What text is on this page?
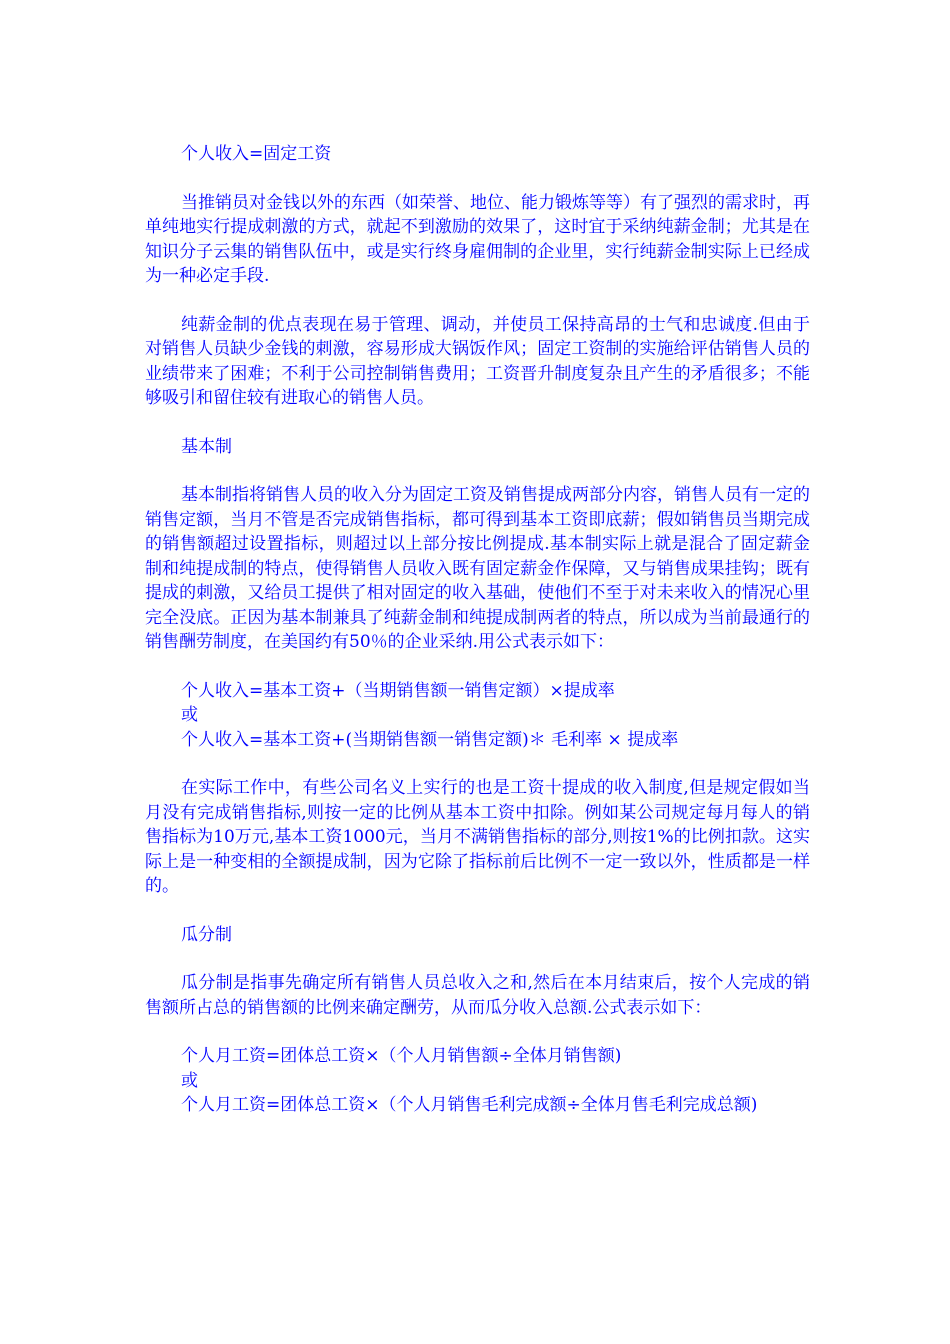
个人收入=固定工资

当推销员对金钱以外的东西（如荣誉、地位、能力锻炼等等）有了强烈的需求时，再单纯地实行提成刺激的方式，就起不到激励的效果了，这时宜于采纳纯薪金制；尤其是在知识分子云集的销售队伍中，或是实行终身雇佣制的企业里，实行纯薪金制实际上已经成为一种必定手段.

纯薪金制的优点表现在易于管理、调动，并使员工保持高昂的士气和忠诚度.但由于对销售人员缺少金钱的刺激，容易形成大锅饭作风；固定工资制的实施给评估销售人员的业绩带来了困难；不利于公司控制销售费用；工资晋升制度复杂且产生的矛盾很多；不能够吸引和留住较有进取心的销售人员。

基本制

基本制指将销售人员的收入分为固定工资及销售提成两部分内容，销售人员有一定的销售定额，当月不管是否完成销售指标，都可得到基本工资即底薪；假如销售员当期完成的销售额超过设置指标，则超过以上部分按比例提成.基本制实际上就是混合了固定薪金制和纯提成制的特点，使得销售人员收入既有固定薪金作保障，又与销售成果挂钩；既有提成的刺激，又给员工提供了相对固定的收入基础，使他们不至于对未来收入的情况心里完全没底。正因为基本制兼具了纯薪金制和纯提成制两者的特点，所以成为当前最通行的销售酬劳制度，在美国约有50％的企业采纳.用公式表示如下：

个人收入=基本工资+（当期销售额一销售定额）×提成率
或
个人收入=基本工资+(当期销售额一销售定额)＊ 毛利率 × 提成率

在实际工作中，有些公司名义上实行的也是工资十提成的收入制度,但是规定假如当月没有完成销售指标,则按一定的比例从基本工资中扣除。例如某公司规定每月每人的销售指标为10万元,基本工资1000元，当月不满销售指标的部分,则按1%的比例扣款。这实际上是一种变相的全额提成制，因为它除了指标前后比例不一定一致以外，性质都是一样的。

瓜分制

瓜分制是指事先确定所有销售人员总收入之和,然后在本月结束后，按个人完成的销售额所占总的销售额的比例来确定酬劳，从而瓜分收入总额.公式表示如下：

个人月工资=团体总工资×（个人月销售额÷全体月销售额)
或
个人月工资=团体总工资×（个人月销售毛利完成额÷全体月售毛利完成总额)
